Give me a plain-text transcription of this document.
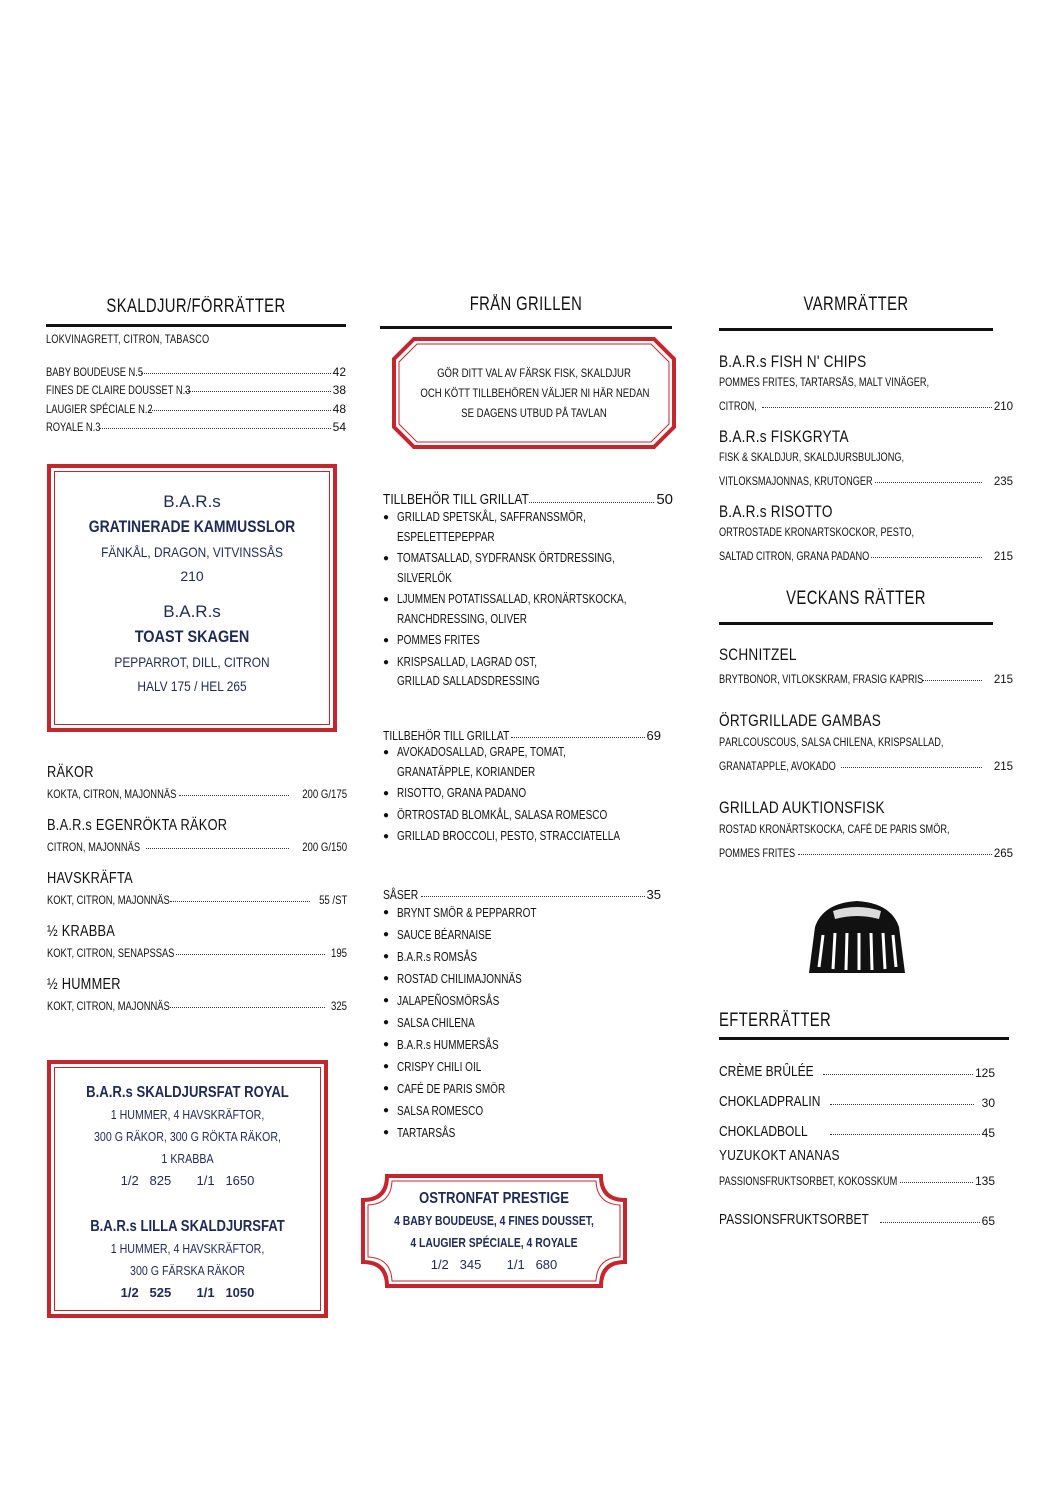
SKALDJUR/FÖRRÄTTER
LÖKVINÄGRETT, CITRON, TABASCO
BABY BOUDEUSE N.5	42
FINES DE CLAIRE DOUSSET N.3	38
LAUGIER SPÉCIALE N.2	48
ROYALE N.3	54
B.A.R.s
GRATINERADE KAMMUSSLOR
FÄNKÅL, DRAGON, VITVINSSÅS
210
B.A.R.s
TOAST SKAGEN
PEPPARROT, DILL, CITRON
HALV 175 / HEL 265
RÄKOR
KOKTA, CITRON, MAJONNÄS	200 G/175
B.A.R.s EGENRÖKTA RÄKOR
CITRON, MAJONNÄS	200 G/150
HAVSKRÄFTA
KOKT, CITRON, MAJONNÄS	55 /ST
½ KRABBA
KOKT, CITRON, SENAPSSAS	195
½ HUMMER
KOKT, CITRON, MAJONNÄS	325
B.A.R.s SKALDJURSFAT ROYAL
1 HUMMER, 4 HAVSKRÄFTOR,
300 G RÄKOR, 300 G RÖKTA RÄKOR,
1 KRABBA
1/2 825 1/1 1650
B.A.R.s LILLA SKALDJURSFAT
1 HUMMER, 4 HAVSKRÄFTOR,
300 G FÄRSKA RÄKOR
1/2 525 1/1 1050
FRÅN GRILLEN
GÖR DITT VAL AV FÄRSK FISK, SKALDJUR
OCH KÖTT TILLBEHÖREN VÄLJER NI HÄR NEDAN
SE DAGENS UTBUD PÅ TAVLAN
TILLBEHÖR TILL GRILLAT	50
● GRILLAD SPETSKÅL, SAFFRANSSMÖR,
ESPELETTEPEPPAR
● TOMATSALLAD, SYDFRANSK ÖRTDRESSING,
SILVERLÖK
● LJUMMEN POTATISSALLAD, KRONÄRTSKOCKA,
RANCHDRESSING, OLIVER
● POMMES FRITES
● KRISPSALLAD, LAGRAD OST,
GRILLAD SALLADSDRESSING
TILLBEHÖR TILL GRILLAT	69
● AVOKADOSALLAD, GRAPE, TOMAT,
GRANATÄPPLE, KORIANDER
● RISOTTO, GRANA PADANO
● ÖRTROSTAD BLOMKÅL, SALASA ROMESCO
● GRILLAD BROCCOLI, PESTO, STRACCIATELLA
SÅSER	35
● BRYNT SMÖR & PEPPARROT
● SAUCE BÉARNAISE
● B.A.R.s ROMSÅS
● ROSTAD CHILIMAJONNÄS
● JALAPEÑOSMÖRSÅS
● SALSA CHILENA
● B.A.R.s HUMMERSÅS
● CRISPY CHILI OIL
● CAFÉ DE PARIS SMÖR
● SALSA ROMESCO
● TARTARSÅS
OSTRONFAT PRESTIGE
4 BABY BOUDEUSE, 4 FINES DOUSSET,
4 LAUGIER SPÉCIALE, 4 ROYALE
1/2 345 1/1 680
VARMRÄTTER
B.A.R.s FISH N' CHIPS
POMMES FRITES, TARTARSÅS, MALT VINÄGER,
CITRON,	210
B.A.R.s FISKGRYTA
FISK & SKALDJUR, SKALDJURSBULJONG,
VITLÖKSMAJONNÄS, KRUTONGER	235
B.A.R.s RISOTTO
ÖRTROSTADE KRONÄRTSKOCKOR, PESTO,
SALTAD CITRON, GRANA PADANO	215
VECKANS RÄTTER
SCHNITZEL
BRYTBÖNOR, VITLÖKSKRÄM, FRASIG KAPRIS	215
ÖRTGRILLADE GAMBAS
PÄRLCOUSCOUS, SALSA CHILENA, KRISPSALLAD,
GRANATÄPPLE, AVOKADO	215
GRILLAD AUKTIONSFISK
ROSTAD KRONÄRTSKOCKA, CAFÉ DE PARIS SMÖR,
POMMES FRITES	265
EFTERRÄTTER
CRÈME BRÛLÉE	125
CHOKLADPRALIN	30
CHOKLADBOLL	45
YUZUKOKT ANANAS
PASSIONSFRUKTSORBET, KOKOSSKUM	135
PASSIONSFRUKTSORBET	65
